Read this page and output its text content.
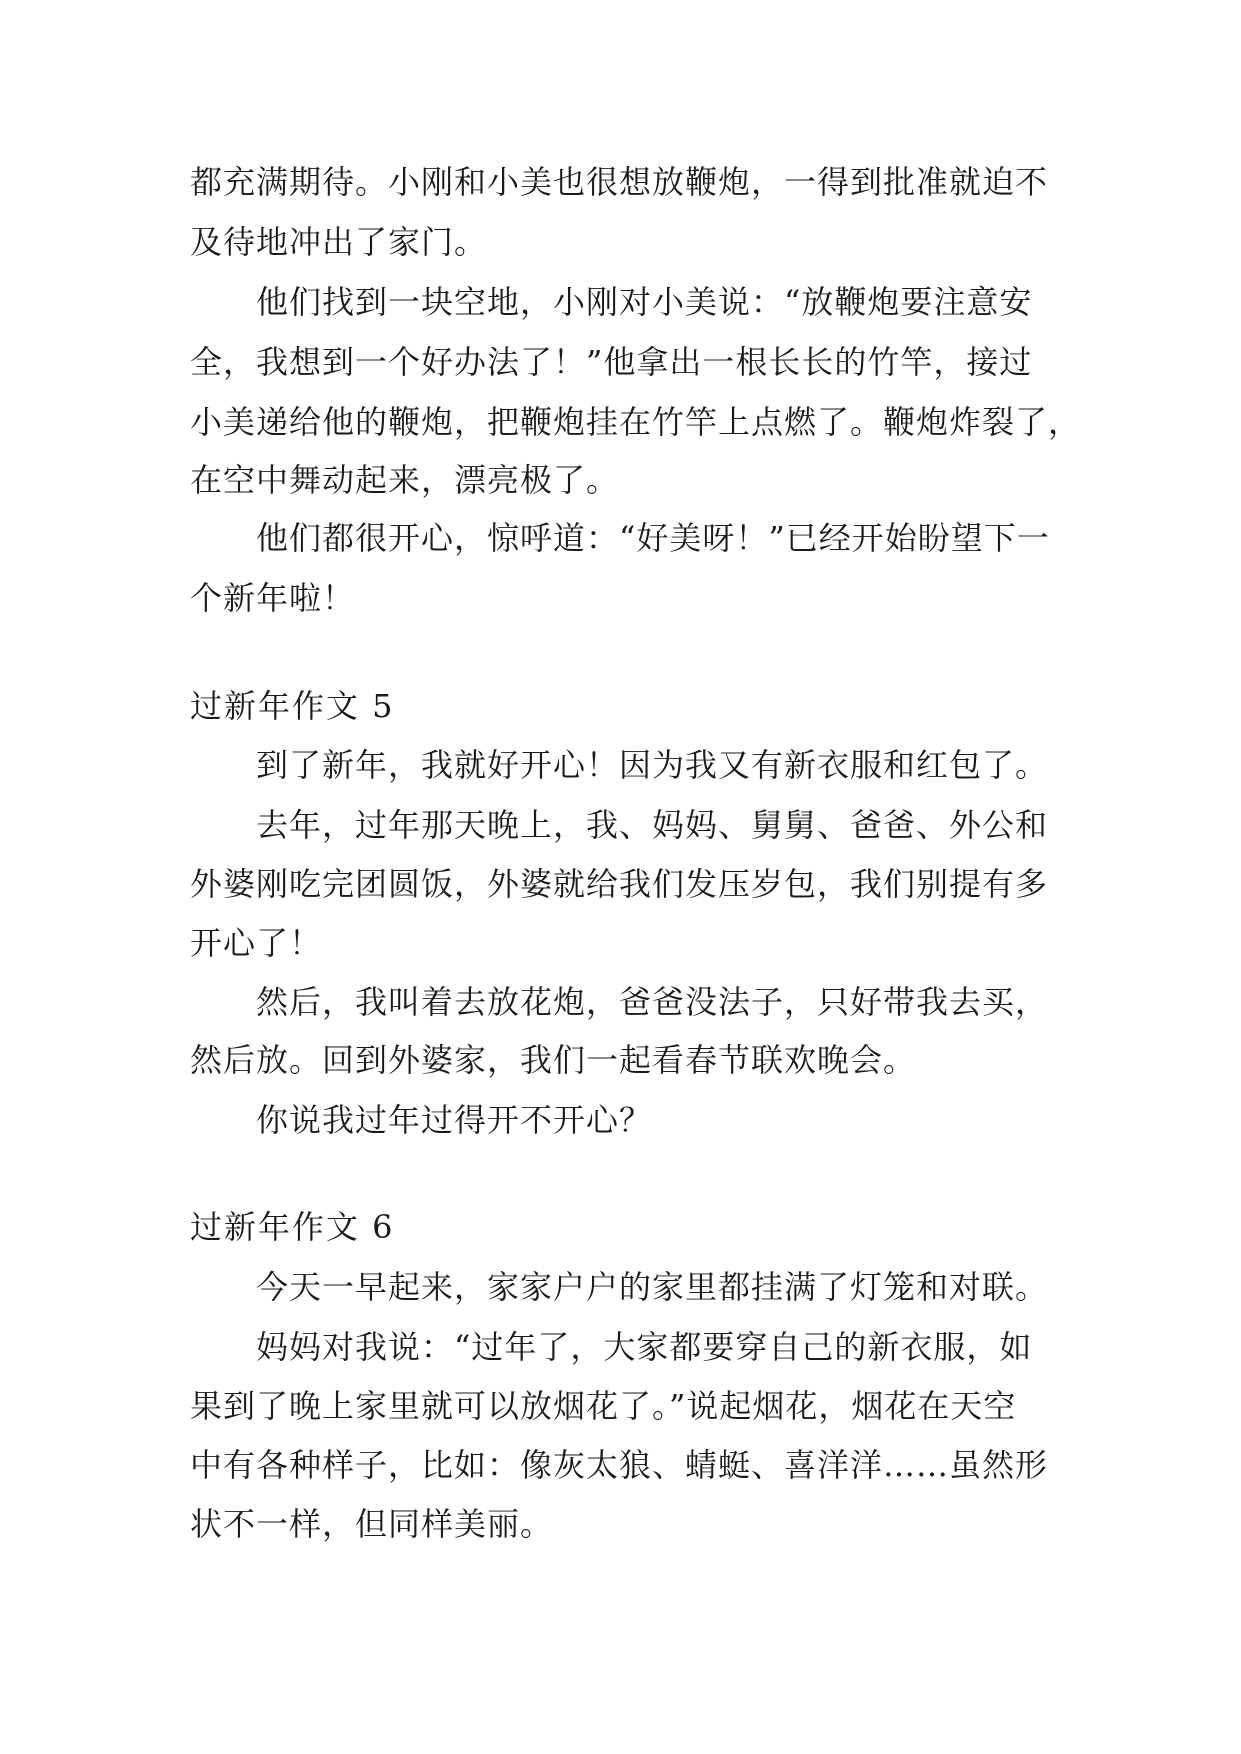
都充满期待。小刚和小美也很想放鞭炮，一得到批准就迫不
及待地冲出了家门。
他们找到一块空地，小刚对小美说：“放鞭炮要注意安
全，我想到一个好办法了！”他拿出一根长长的竹竿，接过
小美递给他的鞭炮，把鞭炮挂在竹竿上点燃了。鞭炮炸裂了，
在空中舞动起来，漂亮极了。
他们都很开心，惊呼道：“好美呀！”已经开始盼望下一
个新年啦！
过新年作文 5
到了新年，我就好开心！因为我又有新衣服和红包了。
去年，过年那天晚上，我、妈妈、舅舅、爸爸、外公和
外婆刚吃完团圆饭，外婆就给我们发压岁包，我们别提有多
开心了！
然后，我叫着去放花炮，爸爸没法子，只好带我去买，
然后放。回到外婆家，我们一起看春节联欢晚会。
你说我过年过得开不开心？
过新年作文 6
今天一早起来，家家户户的家里都挂满了灯笼和对联。
妈妈对我说：“过年了，大家都要穿自己的新衣服，如
果到了晚上家里就可以放烟花了。”说起烟花，烟花在天空
中有各种样子，比如：像灰太狼、蜻蜓、喜洋洋……虽然形
状不一样，但同样美丽。
